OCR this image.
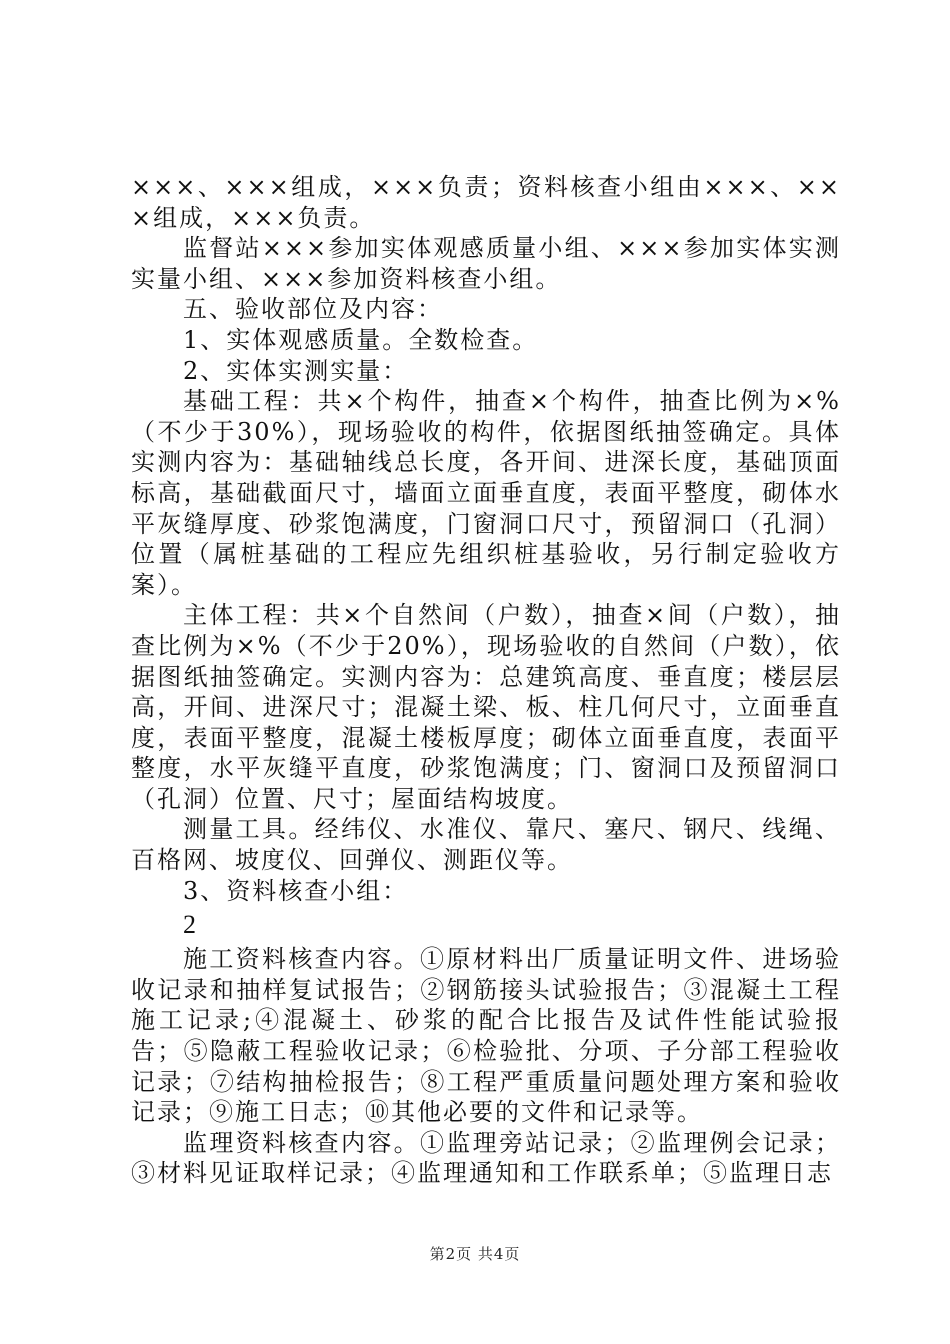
×××、×××组成，×××负责；资料核查小组由×××、×××组成，×××负责。

监督站×××参加实体观感质量小组、×××参加实体实测实量小组、×××参加资料核查小组。

五、验收部位及内容：

1、实体观感质量。全数检查。

2、实体实测实量：

基础工程：共×个构件，抽查×个构件，抽查比例为×%（不少于30%），现场验收的构件，依据图纸抽签确定。具体实测内容为：基础轴线总长度，各开间、进深长度，基础顶面标高，基础截面尺寸，墙面立面垂直度，表面平整度，砌体水平灰缝厚度、砂浆饱满度，门窗洞口尺寸，预留洞口（孔洞）位置（属桩基础的工程应先组织桩基验收，另行制定验收方案）。

主体工程：共×个自然间（户数），抽查×间（户数），抽查比例为×%（不少于20%），现场验收的自然间（户数），依据图纸抽签确定。实测内容为：总建筑高度、垂直度；楼层层高，开间、进深尺寸；混凝土梁、板、柱几何尺寸，立面垂直度，表面平整度，混凝土楼板厚度；砌体立面垂直度，表面平整度，水平灰缝平直度，砂浆饱满度；门、窗洞口及预留洞口（孔洞）位置、尺寸；屋面结构坡度。

测量工具。经纬仪、水准仪、靠尺、塞尺、钢尺、线绳、百格网、坡度仪、回弹仪、测距仪等。

3、资料核查小组：

2

施工资料核查内容。①原材料出厂质量证明文件、进场验收记录和抽样复试报告；②钢筋接头试验报告；③混凝土工程施工记录;④混凝土、砂浆的配合比报告及试件性能试验报告；⑤隐蔽工程验收记录；⑥检验批、分项、子分部工程验收记录；⑦结构抽检报告；⑧工程严重质量问题处理方案和验收记录；⑨施工日志；⑩其他必要的文件和记录等。

监理资料核查内容。①监理旁站记录；②监理例会记录；③材料见证取样记录；④监理通知和工作联系单；⑤监理日志

第2页 共4页
